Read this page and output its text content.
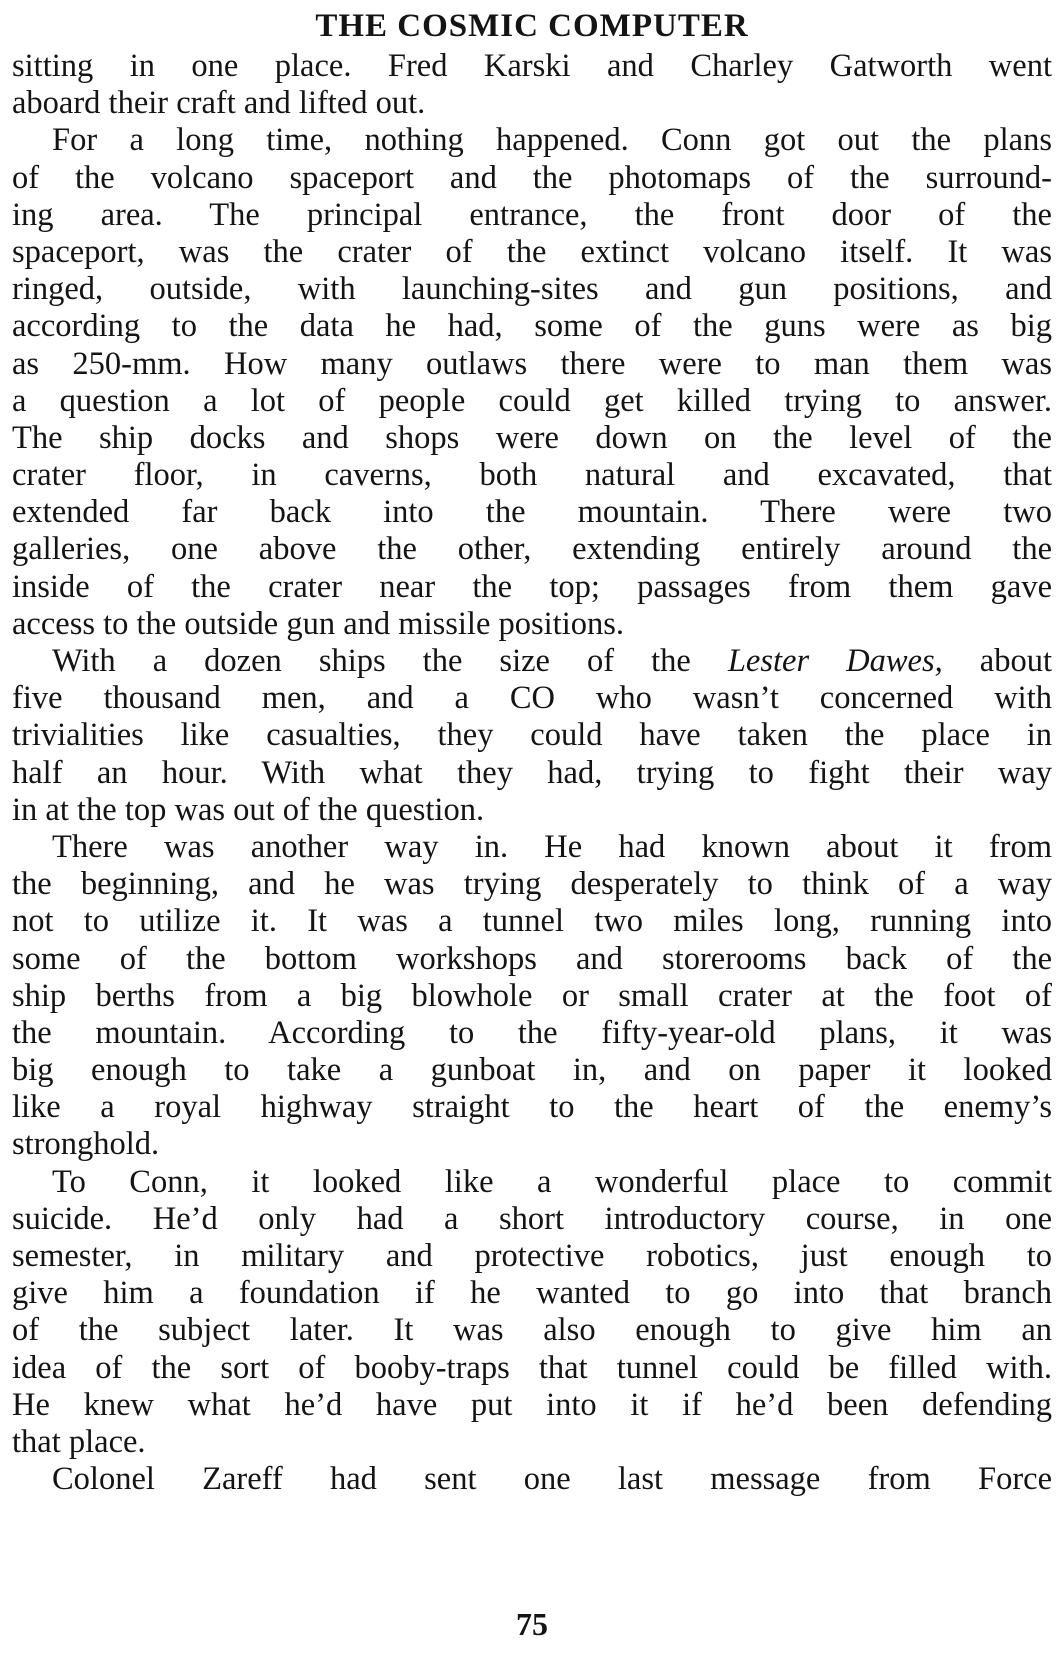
THE COSMIC COMPUTER
sitting in one place. Fred Karski and Charley Gatworth went
aboard their craft and lifted out.
For a long time, nothing happened. Conn got out the plans
of the volcano spaceport and the photomaps of the surround-
ing area. The principal entrance, the front door of the
spaceport, was the crater of the extinct volcano itself. It was
ringed, outside, with launching-sites and gun positions, and
according to the data he had, some of the guns were as big
as 250-mm. How many outlaws there were to man them was
a question a lot of people could get killed trying to answer.
The ship docks and shops were down on the level of the
crater floor, in caverns, both natural and excavated, that
extended far back into the mountain. There were two
galleries, one above the other, extending entirely around the
inside of the crater near the top; passages from them gave
access to the outside gun and missile positions.
With a dozen ships the size of the Lester Dawes, about
five thousand men, and a CO who wasn’t concerned with
trivialities like casualties, they could have taken the place in
half an hour. With what they had, trying to fight their way
in at the top was out of the question.
There was another way in. He had known about it from
the beginning, and he was trying desperately to think of a way
not to utilize it. It was a tunnel two miles long, running into
some of the bottom workshops and storerooms back of the
ship berths from a big blowhole or small crater at the foot of
the mountain. According to the fifty-year-old plans, it was
big enough to take a gunboat in, and on paper it looked
like a royal highway straight to the heart of the enemy’s
stronghold.
To Conn, it looked like a wonderful place to commit
suicide. He’d only had a short introductory course, in one
semester, in military and protective robotics, just enough to
give him a foundation if he wanted to go into that branch
of the subject later. It was also enough to give him an
idea of the sort of booby-traps that tunnel could be filled with.
He knew what he’d have put into it if he’d been defending
that place.
Colonel Zareff had sent one last message from Force
75
